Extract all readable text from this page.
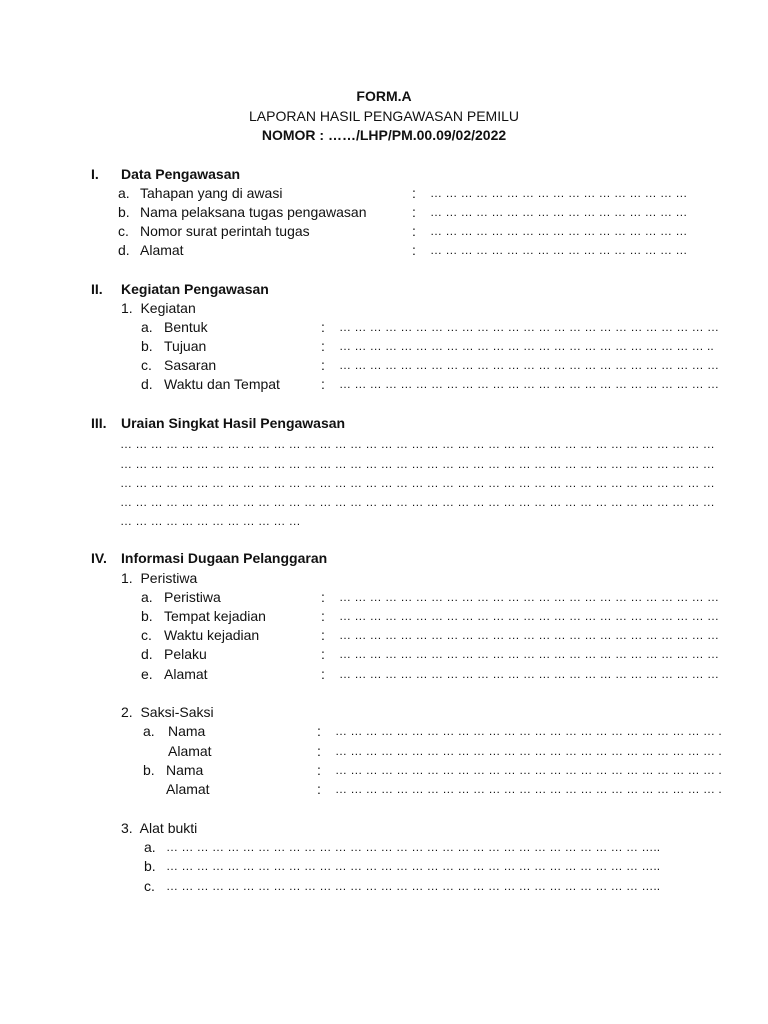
FORM.A
LAPORAN HASIL PENGAWASAN PEMILU
NOMOR : ……/LHP/PM.00.09/02/2022
I. Data Pengawasan
a. Tahapan yang di awasi	: … … … … … … … … … … … … … … … … …
b. Nama pelaksana tugas pengawasan	: … … … … … … … … … … … … … … … … …
c. Nomor surat perintah tugas	: … … … … … … … … … … … … … … … … …
d. Alamat	: … … … … … … … … … … … … … … … … …
II. Kegiatan Pengawasan
1.  Kegiatan
a. Bentuk	: … … … … … … … … … … … … … … … … … … … … … … … … …
b. Tujuan	: … … … … … … … … … … … … … … … … … … … … … … … … ..
c. Sasaran	: … … … … … … … … … … … … … … … … … … … … … … … … …
d. Waktu dan Tempat	: … … … … … … … … … … … … … … … … … … … … … … … … …
III. Uraian Singkat Hasil Pengawasan
… … … … … … … … … … … … … … … … … … … … … … … … … … … … … … … … … … … … … … …
… … … … … … … … … … … … … … … … … … … … … … … … … … … … … … … … … … … … … … …
… … … … … … … … … … … … … … … … … … … … … … … … … … … … … … … … … … … … … … …
… … … … … … … … … … … … … … … … … … … … … … … … … … … … … … … … … … … … … … …
… … … … … … … … … … … …
IV. Informasi Dugaan Pelanggaran
1.  Peristiwa
a. Peristiwa	: … … … … … … … … … … … … … … … … … … … … … … … … …
b. Tempat kejadian	: … … … … … … … … … … … … … … … … … … … … … … … … …
c. Waktu kejadian	: … … … … … … … … … … … … … … … … … … … … … … … … …
d. Pelaku	: … … … … … … … … … … … … … … … … … … … … … … … … …
e. Alamat	: … … … … … … … … … … … … … … … … … … … … … … … … …
2.  Saksi-Saksi
a. Nama	: … … … … … … … … … … … … … … … … … … … … … … … … … .
Alamat	: … … … … … … … … … … … … … … … … … … … … … … … … … .
b. Nama	: … … … … … … … … … … … … … … … … … … … … … … … … … .
Alamat	: … … … … … … … … … … … … … … … … … … … … … … … … … .
3.  Alat bukti
a. … … … … … … … … … … … … … … … … … … … … … … … … … … … … … … … …..
b. … … … … … … … … … … … … … … … … … … … … … … … … … … … … … … … …..
c. … … … … … … … … … … … … … … … … … … … … … … … … … … … … … … … …..
